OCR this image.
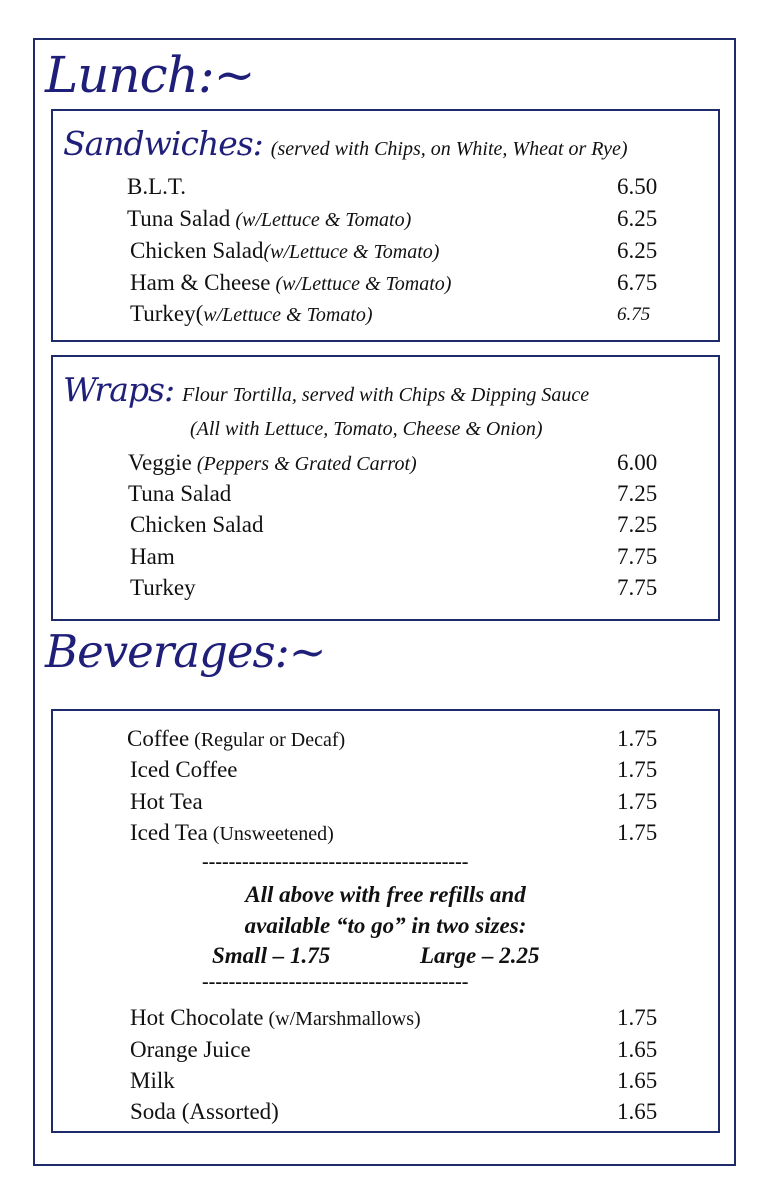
Lunch:~
Sandwiches: (served with Chips, on White, Wheat or Rye)
B.L.T.	6.50
Tuna Salad (w/Lettuce & Tomato)	6.25
Chicken Salad(w/Lettuce & Tomato)	6.25
Ham & Cheese (w/Lettuce & Tomato)	6.75
Turkey(w/Lettuce & Tomato)	6.75
Wraps: Flour Tortilla, served with Chips & Dipping Sauce
(All with Lettuce, Tomato, Cheese & Onion)
Veggie (Peppers & Grated Carrot)	6.00
Tuna Salad	7.25
Chicken Salad	7.25
Ham	7.75
Turkey	7.75
Beverages:~
Coffee (Regular or Decaf)	1.75
Iced Coffee	1.75
Hot Tea	1.75
Iced Tea (Unsweetened)	1.75
----------------------------------------
All above with free refills and
available “to go” in two sizes:
Small – 1.75	Large – 2.25
----------------------------------------
Hot Chocolate (w/Marshmallows)	1.75
Orange Juice	1.65
Milk	1.65
Soda (Assorted)	1.65
